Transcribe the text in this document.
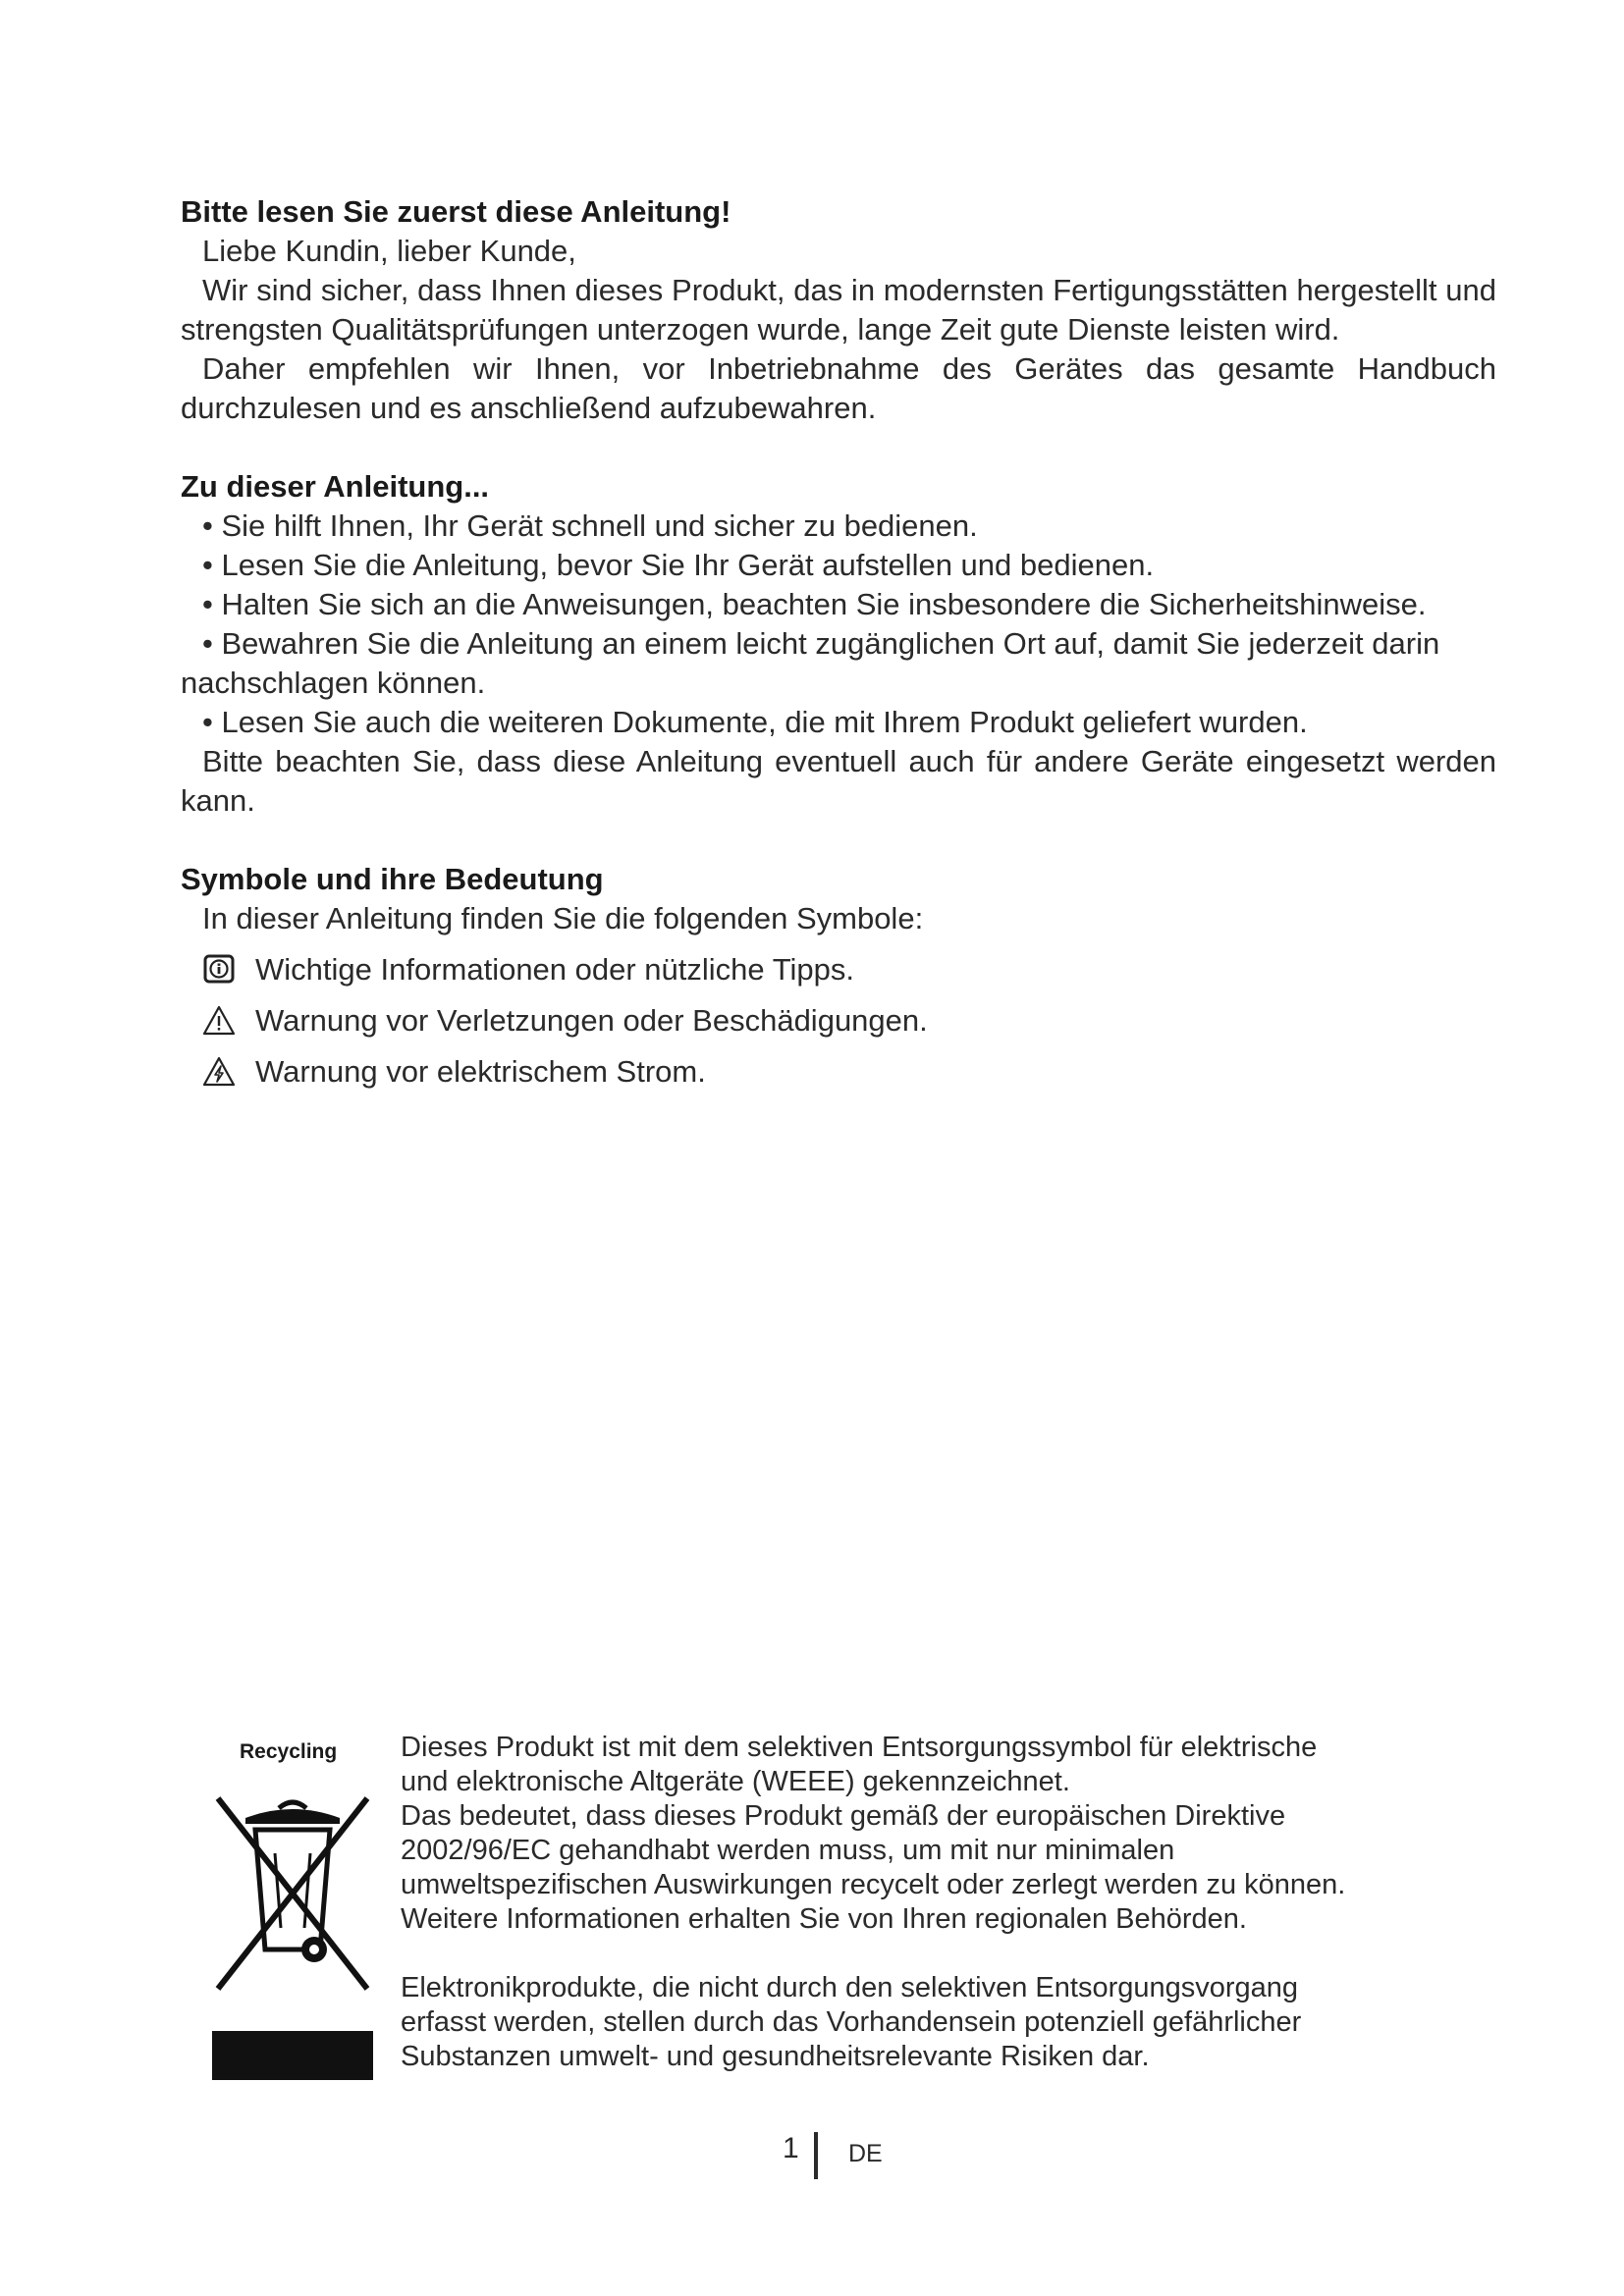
Bitte lesen Sie zuerst diese Anleitung!

Liebe Kundin, lieber Kunde,

Wir sind sicher, dass Ihnen dieses Produkt, das in modernsten Fertigungsstätten hergestellt und strengsten Qualitätsprüfungen unterzogen wurde, lange Zeit gute Dienste leisten wird.

Daher empfehlen wir Ihnen, vor Inbetriebnahme des Gerätes das gesamte Handbuch durchzulesen und es anschließend aufzubewahren.

Zu dieser Anleitung...

• Sie hilft Ihnen, Ihr Gerät schnell und sicher zu bedienen.

• Lesen Sie die Anleitung, bevor Sie Ihr Gerät aufstellen und bedienen.

• Halten Sie sich an die Anweisungen, beachten Sie insbesondere die Sicherheitshinweise.

• Bewahren Sie die Anleitung an einem leicht zugänglichen Ort auf, damit Sie jederzeit darin nachschlagen können.

• Lesen Sie auch die weiteren Dokumente, die mit Ihrem Produkt geliefert wurden.

Bitte beachten Sie, dass diese Anleitung eventuell auch für andere Geräte eingesetzt werden kann.

Symbole und ihre Bedeutung

In dieser Anleitung finden Sie die folgenden Symbole:

Wichtige Informationen oder nützliche Tipps.
Warnung vor Verletzungen oder Beschädigungen.
Warnung vor elektrischem Strom.
Recycling Dieses Produkt ist mit dem selektiven Entsorgungssymbol für elektrische

und elektronische Altgeräte (WEEE) gekennzeichnet.

Das bedeutet, dass dieses Produkt gemäß der europäischen Direktive

2002/96/EC gehandhabt werden muss, um mit nur minimalen

umweltspezifischen Auswirkungen recycelt oder zerlegt werden zu können.

Weitere Informationen erhalten Sie von Ihren regionalen Behörden.

Elektronikprodukte, die nicht durch den selektiven Entsorgungsvorgang

erfasst werden, stellen durch das Vorhandensein potenziell gefährlicher

Substanzen umwelt- und gesundheitsrelevante Risiken dar.

1 DE
